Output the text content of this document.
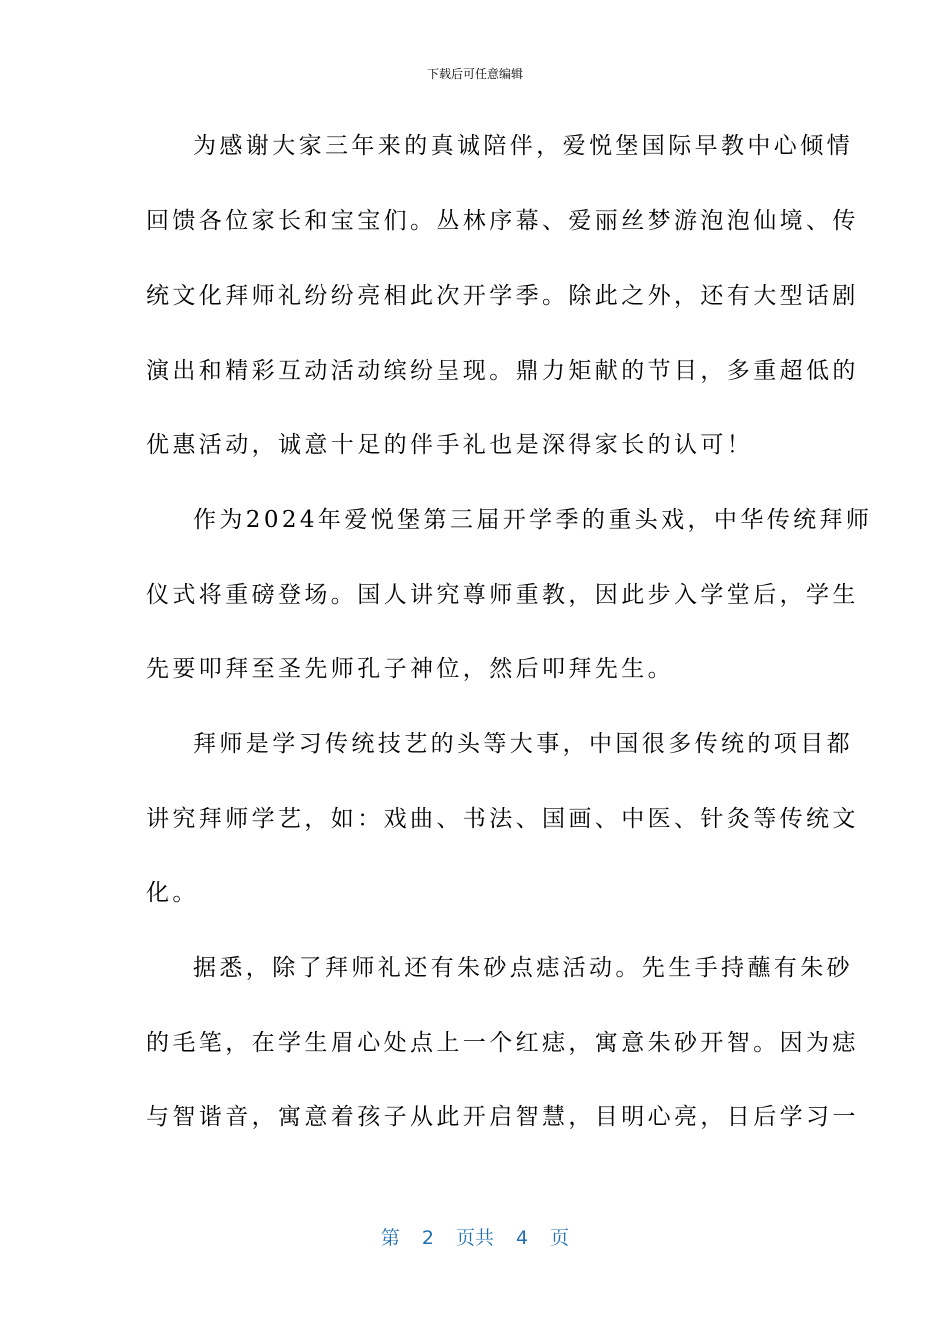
下载后可任意编辑
为感谢大家三年来的真诚陪伴，爱悦堡国际早教中心倾情
回馈各位家长和宝宝们。丛林序幕、爱丽丝梦游泡泡仙境、传
统文化拜师礼纷纷亮相此次开学季。除此之外，还有大型话剧
演出和精彩互动活动缤纷呈现。鼎力矩献的节目，多重超低的
优惠活动，诚意十足的伴手礼也是深得家长的认可！
作为2024年爱悦堡第三届开学季的重头戏，中华传统拜师
仪式将重磅登场。国人讲究尊师重教，因此步入学堂后，学生
先要叩拜至圣先师孔子神位，然后叩拜先生。
拜师是学习传统技艺的头等大事，中国很多传统的项目都
讲究拜师学艺，如：戏曲、书法、国画、中医、针灸等传统文
化。
据悉，除了拜师礼还有朱砂点痣活动。先生手持蘸有朱砂
的毛笔，在学生眉心处点上一个红痣，寓意朱砂开智。因为痣
与智谐音，寓意着孩子从此开启智慧，目明心亮，日后学习一
第 2 页共 4 页
